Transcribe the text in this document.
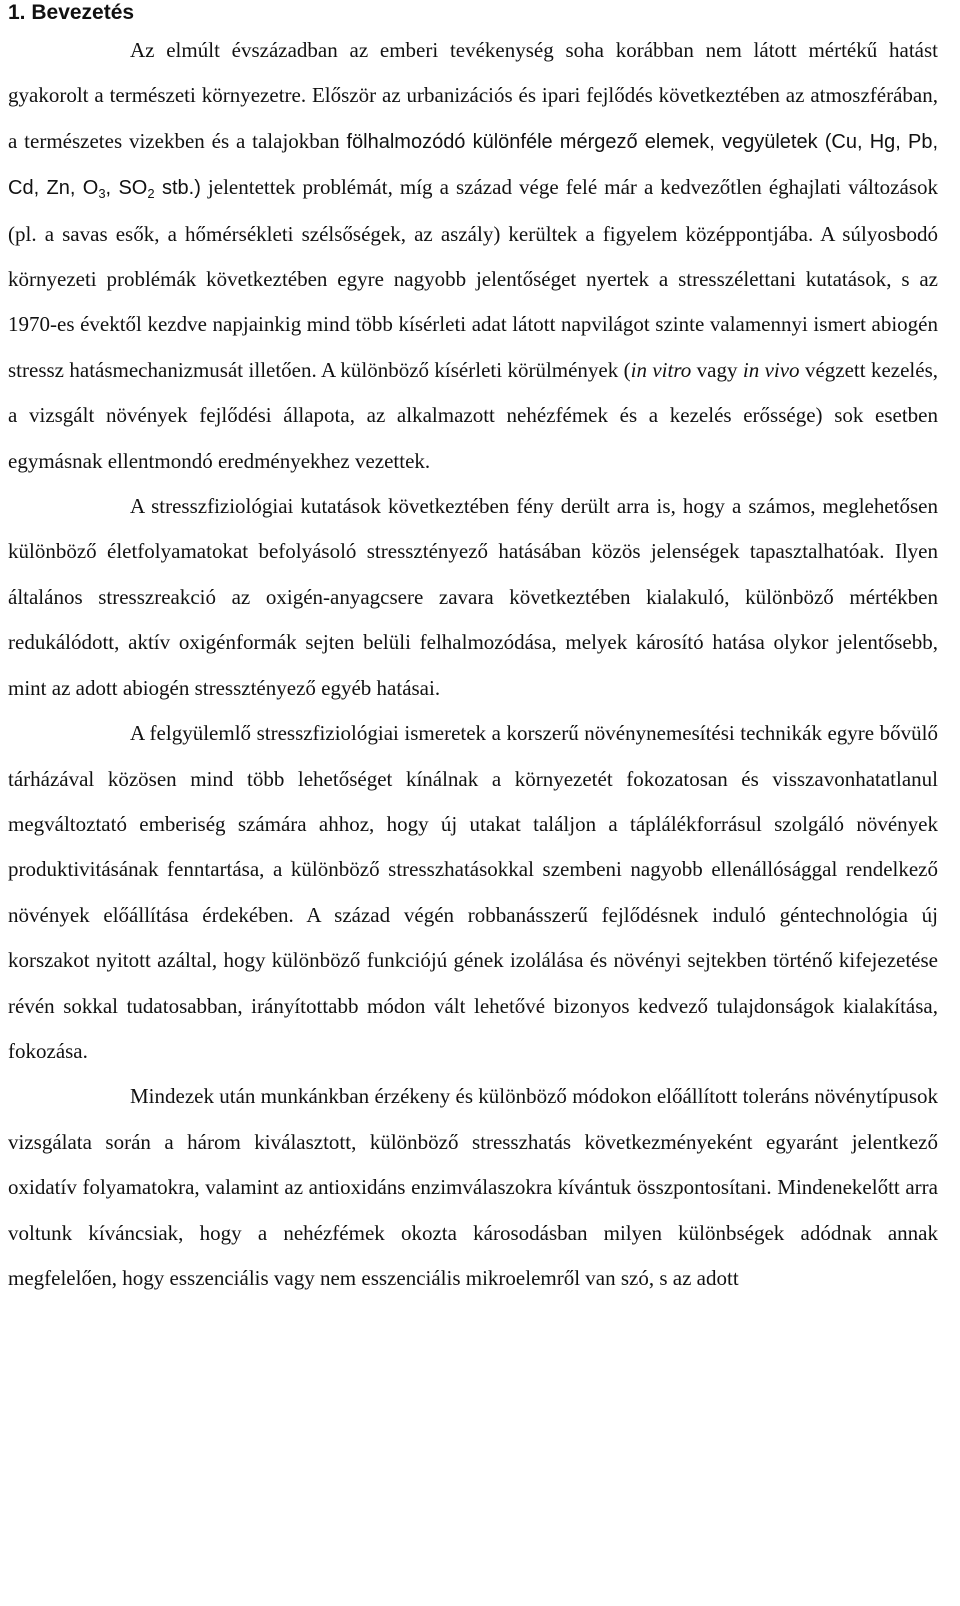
1. Bevezetés

Az elmúlt évszázadban az emberi tevékenység soha korábban nem látott mértékű hatást gyakorolt a természeti környezetre. Először az urbanizációs és ipari fejlődés következtében az atmoszférában, a természetes vizekben és a talajokban fölhalmozódó különféle mérgező elemek, vegyületek (Cu, Hg, Pb, Cd, Zn, $O_3$, $SO_2$ stb.) jelentettek problémát, míg a század vége felé már a kedvezőtlen éghajlati változások (pl. a savas esők, a hőmérsékleti szélsőségek, az aszály) kerültek a figyelem középpontjába. A súlyosbodó környezeti problémák következtében egyre nagyobb jelentőséget nyertek a stresszélettani kutatások, s az 1970-es évektől kezdve napjainkig mind több kísérleti adat látott napvilágot szinte valamennyi ismert abiogén stressz hatásmechanizmusát illetően. A különböző kísérleti körülmények (in vitro vagy in vivo végzett kezelés, a vizsgált növények fejlődési állapota, az alkalmazott nehézfémek és a kezelés erőssége) sok esetben egymásnak ellentmondó eredményekhez vezettek.

A stresszfiziológiai kutatások következtében fény derült arra is, hogy a számos, meglehetősen különböző életfolyamatokat befolyásoló stressztényező hatásában közös jelenségek tapasztalhatóak. Ilyen általános stresszreakció az oxigén-anyagcsere zavara következtében kialakuló, különböző mértékben redukálódott, aktív oxigénformák sejten belüli felhalmozódása, melyek károsító hatása olykor jelentősebb, mint az adott abiogén stressztényező egyéb hatásai.

A felgyülemlő stresszfiziológiai ismeretek a korszerű növénynemesítési technikák egyre bővülő tárházával közösen mind több lehetőséget kínálnak a környezetét fokozatosan és visszavonhatatlanul megváltoztató emberiség számára ahhoz, hogy új utakat találjon a táplálékforrásul szolgáló növények produktivitásának fenntartása, a különböző stresszhatásokkal szembeni nagyobb ellenállósággal rendelkező növények előállítása érdekében. A század végén robbanásszerű fejlődésnek induló géntechnológia új korszakot nyitott azáltal, hogy különböző funkciójú gének izolálása és növényi sejtekben történő kifejezetése révén sokkal tudatosabban, irányítottabb módon vált lehetővé bizonyos kedvező tulajdonságok kialakítása, fokozása.

Mindezek után munkánkban érzékeny és különböző módokon előállított toleráns növénytípusok vizsgálata során a három kiválasztott, különböző stresszhatás következményeként egyaránt jelentkező oxidatív folyamatokra, valamint az antioxidáns enzimválaszokra kívántuk összpontosítani. Mindenekelőtt arra voltunk kíváncsiak, hogy a nehézfémek okozta károsodásban milyen különbségek adódnak annak megfelelően, hogy esszenciális vagy nem esszenciális mikroelemről van szó, s az adott
